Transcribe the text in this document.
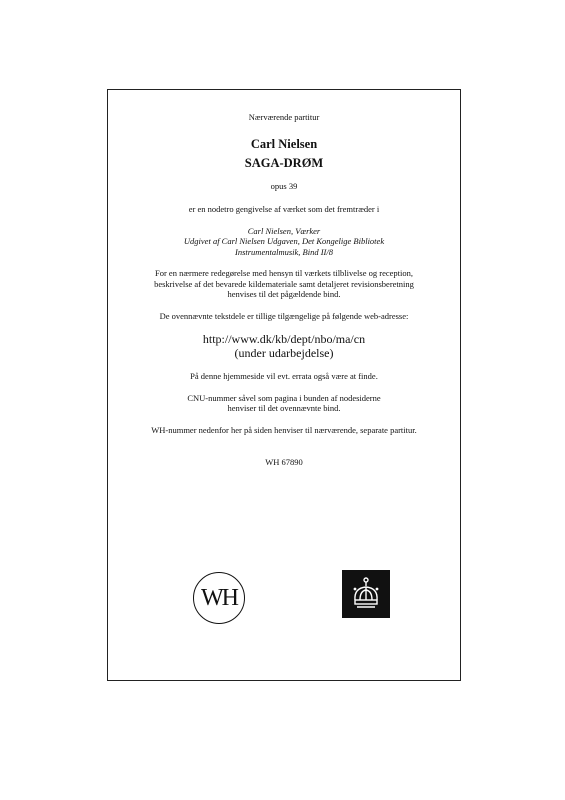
Nærværende partitur

Carl Nielsen

SAGA-DRØM

opus 39

er en nodetro gengivelse af værket som det fremtræder i

Carl Nielsen, Værker
Udgivet af Carl Nielsen Udgaven, Det Kongelige Bibliotek
Instrumentalmusik, Bind II/8
For en nærmere redegørelse med hensyn til værkets tilblivelse og reception,
beskrivelse af det bevarede kildemateriale samt detaljeret revisionsberetning
henvises til det pågældende bind.

De ovennævnte tekstdele er tillige tilgængelige på følgende web-adresse:

http://www.dk/kb/dept/nbo/ma/cn
(under udarbejdelse)

På denne hjemmeside vil evt. errata også være at finde.

CNU-nummer såvel som pagina i bunden af nodesiderne
henviser til det ovennævnte bind.

WH-nummer nedenfor her på siden henviser til nærværende, separate partitur.

WH 67890

WH
